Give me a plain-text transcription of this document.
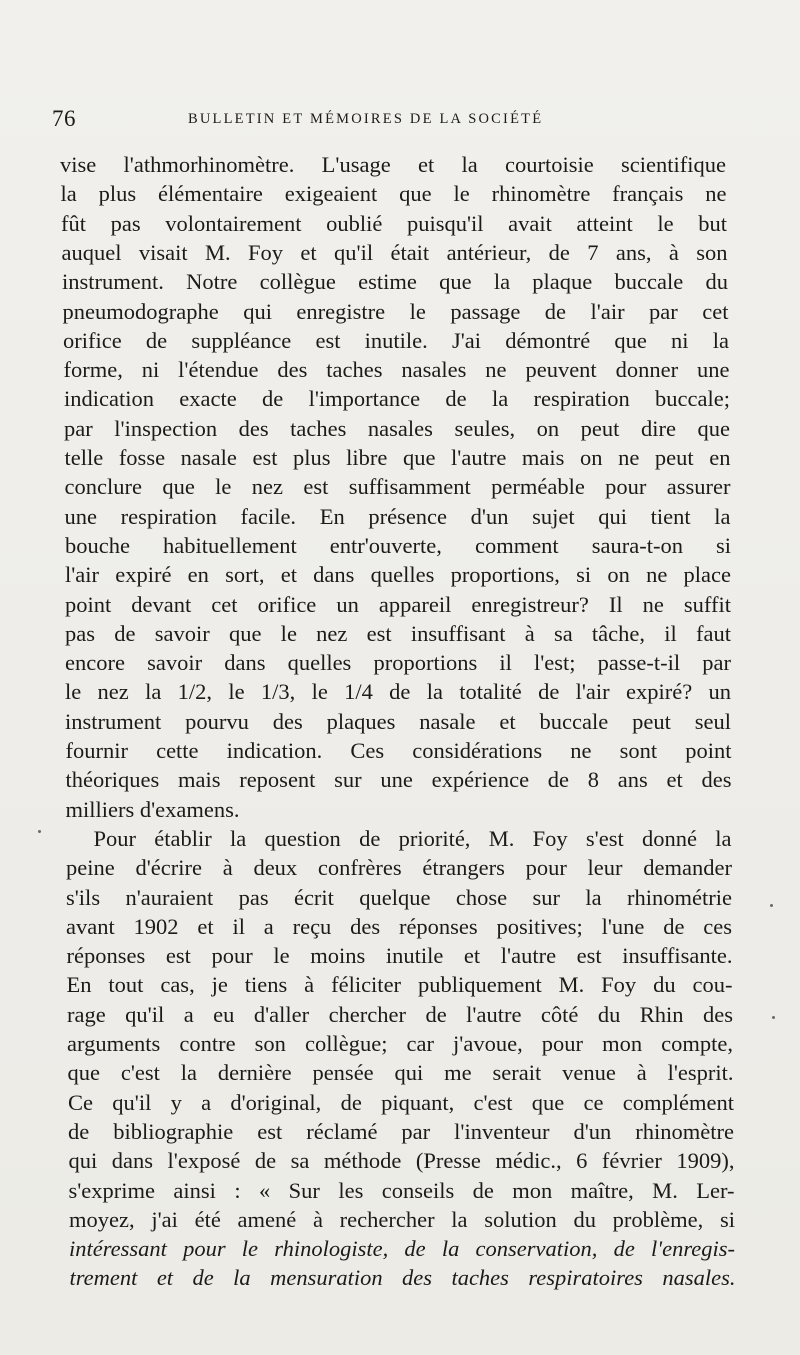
76	BULLETIN ET MÉMOIRES DE LA SOCIÉTÉ
vise l'athmorhinomètre. L'usage et la courtoisie scientifique
la plus élémentaire exigeaient que le rhinomètre français ne
fût pas volontairement oublié puisqu'il avait atteint le but
auquel visait M. Foy et qu'il était antérieur, de 7 ans, à son
instrument. Notre collègue estime que la plaque buccale du
pneumodographe qui enregistre le passage de l'air par cet
orifice de suppléance est inutile. J'ai démontré que ni la
forme, ni l'étendue des taches nasales ne peuvent donner une
indication exacte de l'importance de la respiration buccale;
par l'inspection des taches nasales seules, on peut dire que
telle fosse nasale est plus libre que l'autre mais on ne peut en
conclure que le nez est suffisamment perméable pour assurer
une respiration facile. En présence d'un sujet qui tient la
bouche habituellement entr'ouverte, comment saura-t-on si
l'air expiré en sort, et dans quelles proportions, si on ne place
point devant cet orifice un appareil enregistreur? Il ne suffit
pas de savoir que le nez est insuffisant à sa tâche, il faut
encore savoir dans quelles proportions il l'est; passe-t-il par
le nez la 1/2, le 1/3, le 1/4 de la totalité de l'air expiré? un
instrument pourvu des plaques nasale et buccale peut seul
fournir cette indication. Ces considérations ne sont point
théoriques mais reposent sur une expérience de 8 ans et des
milliers d'examens.
Pour établir la question de priorité, M. Foy s'est donné la
peine d'écrire à deux confrères étrangers pour leur demander
s'ils n'auraient pas écrit quelque chose sur la rhinométrie
avant 1902 et il a reçu des réponses positives; l'une de ces
réponses est pour le moins inutile et l'autre est insuffisante.
En tout cas, je tiens à féliciter publiquement M. Foy du cou-
rage qu'il a eu d'aller chercher de l'autre côté du Rhin des
arguments contre son collègue; car j'avoue, pour mon compte,
que c'est la dernière pensée qui me serait venue à l'esprit.
Ce qu'il y a d'original, de piquant, c'est que ce complément
de bibliographie est réclamé par l'inventeur d'un rhinomètre
qui dans l'exposé de sa méthode (Presse médic., 6 février 1909),
s'exprime ainsi : « Sur les conseils de mon maître, M. Ler-
moyez, j'ai été amené à rechercher la solution du problème, si
intéressant pour le rhinologiste, de la conservation, de l'enregis-
trement et de la mensuration des taches respiratoires nasales.
